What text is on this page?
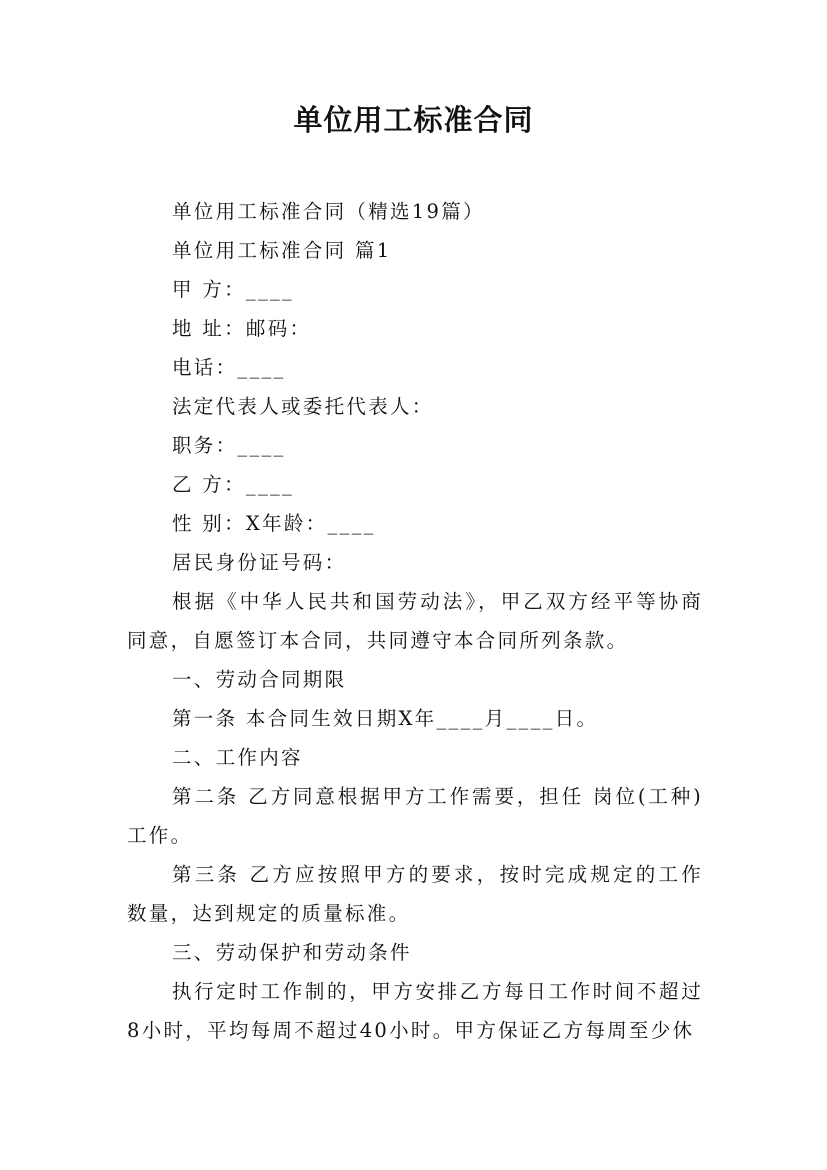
单位用工标准合同

单位用工标准合同（精选19篇）

单位用工标准合同 篇1

甲 方：____

地 址：邮码：

电话：____

法定代表人或委托代表人：

职务：____

乙 方：____

性 别：X年龄：____

居民身份证号码：

根据《中华人民共和国劳动法》，甲乙双方经平等协商同意，自愿签订本合同，共同遵守本合同所列条款。

一、劳动合同期限

第一条 本合同生效日期X年____月____日。

二、工作内容

第二条 乙方同意根据甲方工作需要，担任 岗位(工种)工作。

第三条 乙方应按照甲方的要求，按时完成规定的工作数量，达到规定的质量标准。

三、劳动保护和劳动条件

执行定时工作制的，甲方安排乙方每日工作时间不超过8小时，平均每周不超过40小时。甲方保证乙方每周至少休
